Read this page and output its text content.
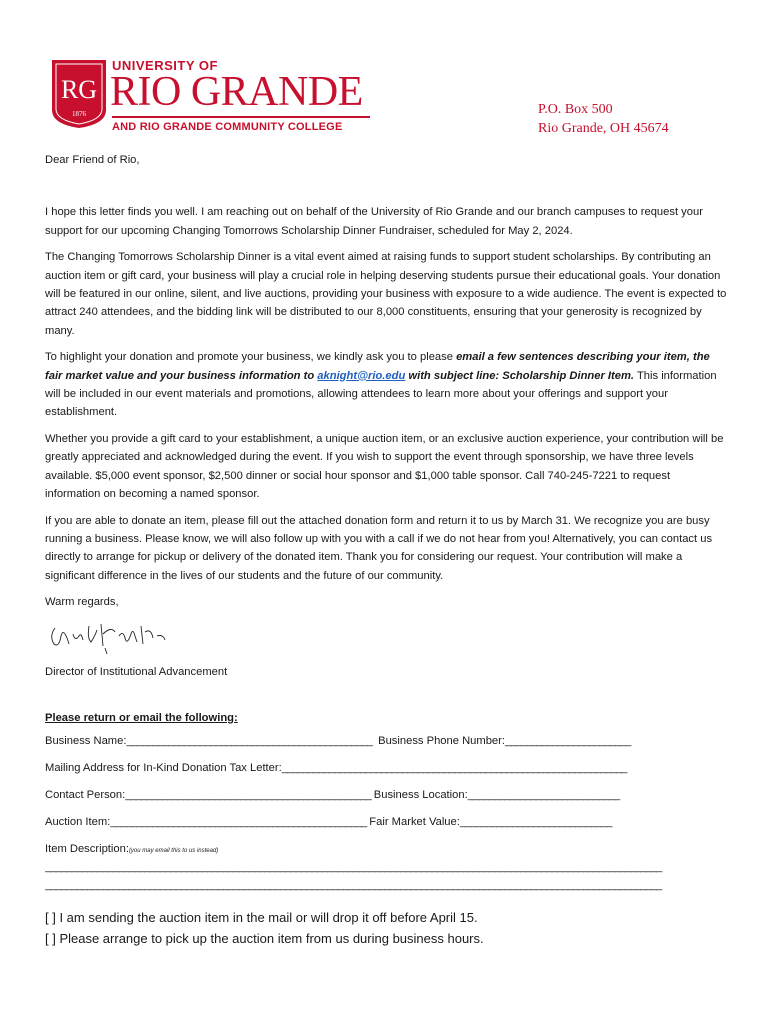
RG
1876
UNIVERSITY OF
RIO GRANDE
AND RIO GRANDE COMMUNITY COLLEGE
P.O. Box 500
Rio Grande, OH 45674

Dear Friend of Rio,

I hope this letter finds you well. I am reaching out on behalf of the University of Rio Grande and our branch campuses to request your support for our upcoming Changing Tomorrows Scholarship Dinner Fundraiser, scheduled for May 2, 2024.

The Changing Tomorrows Scholarship Dinner is a vital event aimed at raising funds to support student scholarships. By contributing an auction item or gift card, your business will play a crucial role in helping deserving students pursue their educational goals. Your donation will be featured in our online, silent, and live auctions, providing your business with exposure to a wide audience. The event is expected to attract 240 attendees, and the bidding link will be distributed to our 8,000 constituents, ensuring that your generosity is recognized by many.

To highlight your donation and promote your business, we kindly ask you to please email a few sentences describing your item, the fair market value and your business information to aknight@rio.edu with subject line: Scholarship Dinner Item. This information will be included in our event materials and promotions, allowing attendees to learn more about your offerings and support your establishment.

Whether you provide a gift card to your establishment, a unique auction item, or an exclusive auction experience, your contribution will be greatly appreciated and acknowledged during the event. If you wish to support the event through sponsorship, we have three levels available. $5,000 event sponsor, $2,500 dinner or social hour sponsor and $1,000 table sponsor. Call 740-245-7221 to request information on becoming a named sponsor.

If you are able to donate an item, please fill out the attached donation form and return it to us by March 31. We recognize you are busy running a business. Please know, we will also follow up with you with a call if we do not hear from you! Alternatively, you can contact us directly to arrange for pickup or delivery of the donated item. Thank you for considering our request. Your contribution will make a significant difference in the lives of our students and the future of our community.

Warm regards,

Director of Institutional Advancement

Please return or email the following:
Business Name:_______________________________________________ Business Phone Number:________________________
Mailing Address for In-Kind Donation Tax Letter:__________________________________________________________________
Contact Person:_______________________________________________ Business Location:_____________________________
Auction Item:_________________________________________________ Fair Market Value:_____________________________
Item Description:(you may email this to us instead)
______________________________________________________________________________________________________________________
______________________________________________________________________________________________________________________
[ ] I am sending the auction item in the mail or will drop it off before April 15.
[ ] Please arrange to pick up the auction item from us during business hours.
